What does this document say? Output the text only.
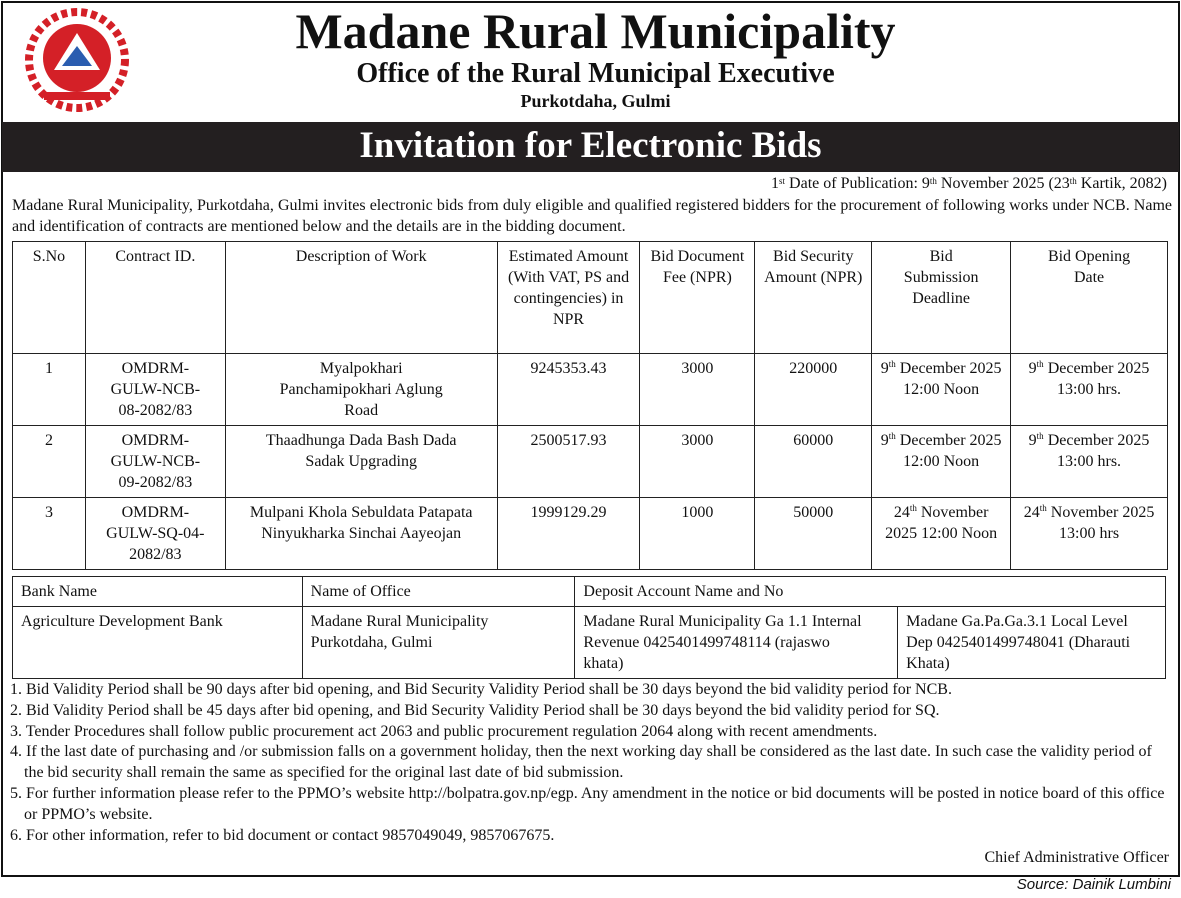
Madane Rural Municipality
Office of the Rural Municipal Executive
Purkotdaha, Gulmi
Invitation for Electronic Bids
1st Date of Publication: 9th November 2025 (23th Kartik, 2082)
Madane Rural Municipality, Purkotdaha, Gulmi invites electronic bids from duly eligible and qualified registered bidders for the procurement of following works under NCB. Name and identification of contracts are mentioned below and the details are in the bidding document.
S.No	Contract ID.	Description of Work	Estimated Amount (With VAT, PS and contingencies) in NPR	Bid Document Fee (NPR)	Bid Security Amount (NPR)	Bid Submission Deadline	Bid Opening Date
1	OMDRM-GULW-NCB-08-2082/83	Myalpokhari Panchamipokhari Aglung Road	9245353.43	3000	220000	9th December 2025 12:00 Noon	9th December 2025 13:00 hrs.
2	OMDRM-GULW-NCB-09-2082/83	Thaadhunga Dada Bash Dada Sadak Upgrading	2500517.93	3000	60000	9th December 2025 12:00 Noon	9th December 2025 13:00 hrs.
3	OMDRM-GULW-SQ-04-2082/83	Mulpani Khola Sebuldata Patapata Ninyukharka Sinchai Aayeojan	1999129.29	1000	50000	24th November 2025 12:00 Noon	24th November 2025 13:00 hrs
Bank Name	Name of Office	Deposit Account Name and No	
Agriculture Development Bank	Madane Rural Municipality Purkotdaha, Gulmi	Madane Rural Municipality Ga 1.1 Internal Revenue 0425401499748114 (rajaswo khata)	Madane Ga.Pa.Ga.3.1 Local Level Dep 0425401499748041 (Dharauti Khata)
1. Bid Validity Period shall be 90 days after bid opening, and Bid Security Validity Period shall be 30 days beyond the bid validity period for NCB.
2. Bid Validity Period shall be 45 days after bid opening, and Bid Security Validity Period shall be 30 days beyond the bid validity period for SQ.
3. Tender Procedures shall follow public procurement act 2063 and public procurement regulation 2064 along with recent amendments.
4. If the last date of purchasing and /or submission falls on a government holiday, then the next working day shall be considered as the last date. In such case the validity period of the bid security shall remain the same as specified for the original last date of bid submission.
5. For further information please refer to the PPMO’s website http://bolpatra.gov.np/egp. Any amendment in the notice or bid documents will be posted in notice board of this office or PPMO’s website.
6. For other information, refer to bid document or contact 9857049049, 9857067675.
Chief Administrative Officer
Source: Dainik Lumbini
